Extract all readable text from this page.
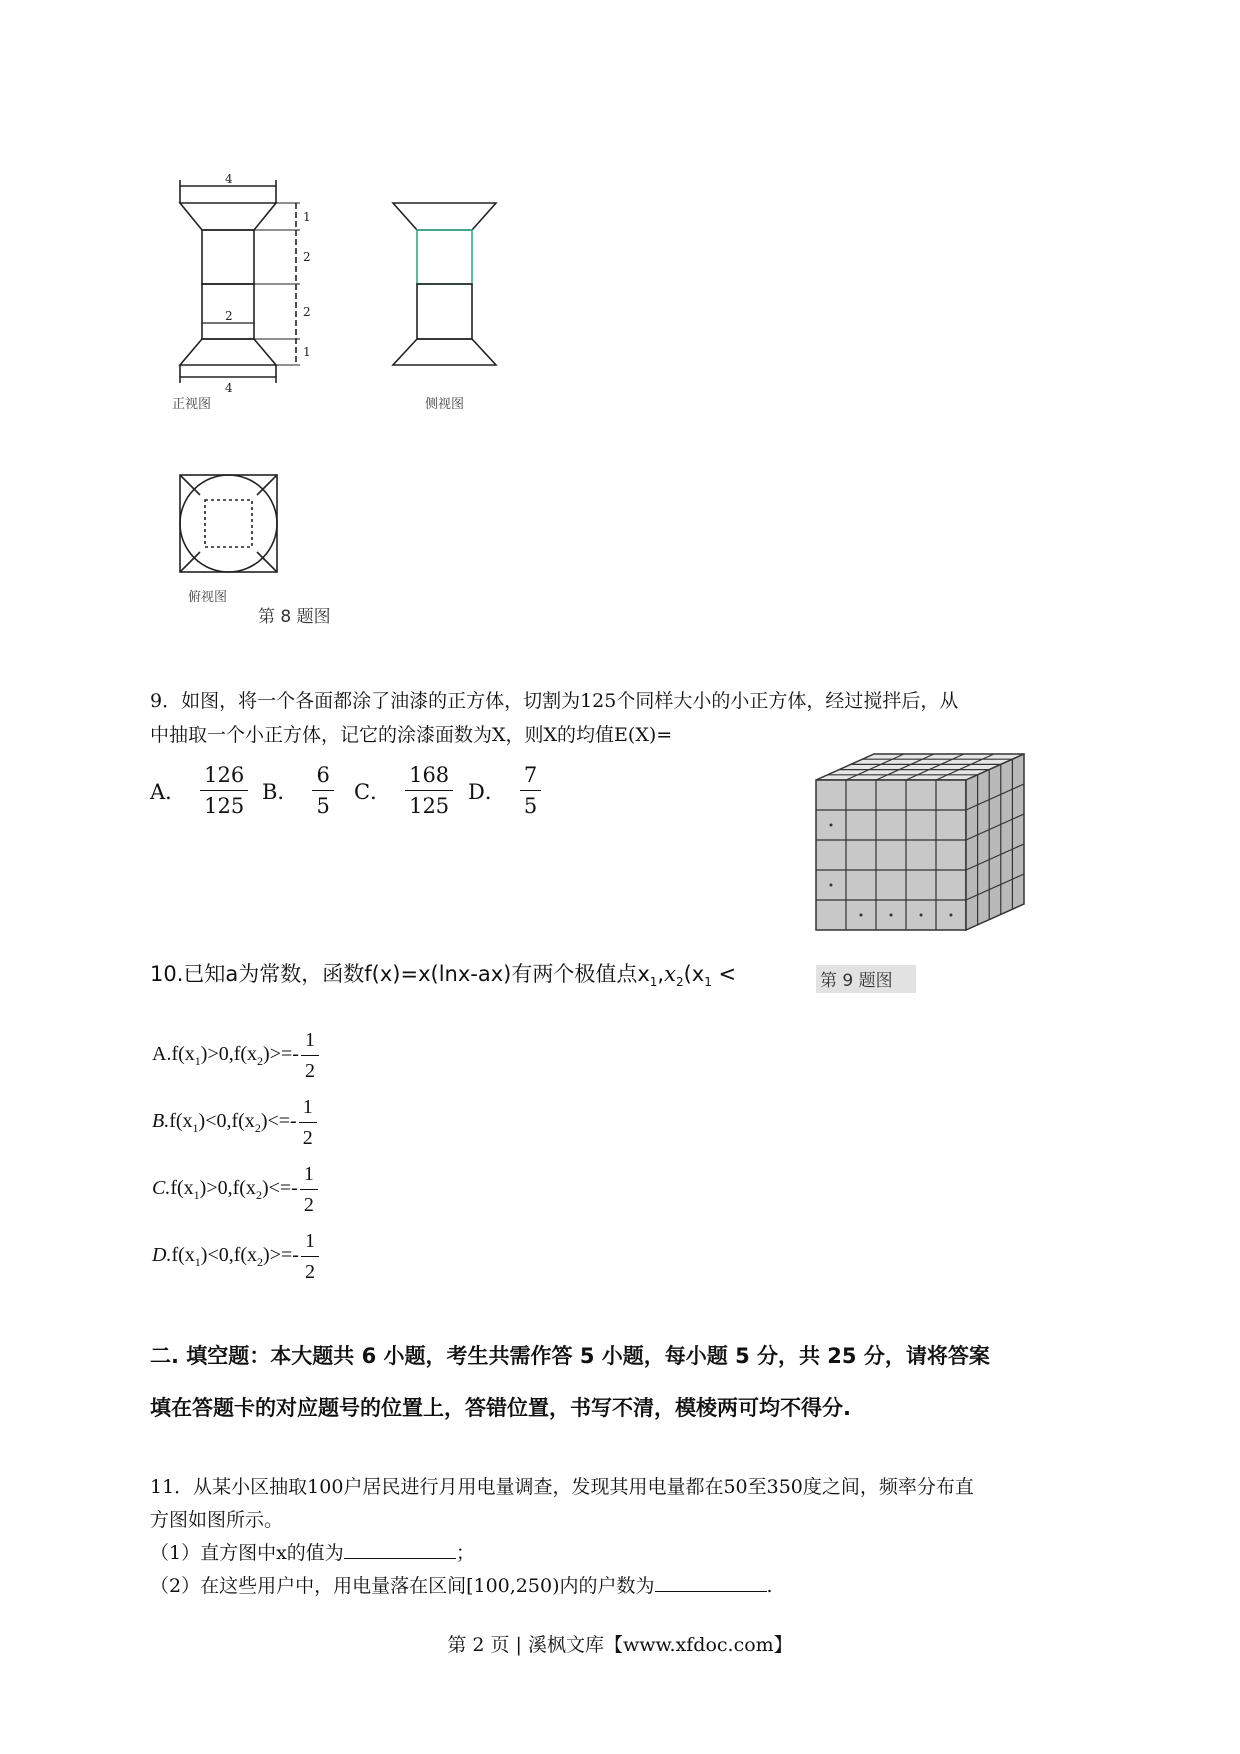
4
4
2
1
2
2
1
正视图	侧视图
俯视图
第 8 题图
9．如图，将一个各面都涂了油漆的正方体，切割为125个同样大小的小正方体，经过搅拌后，从
中抽取一个小正方体，记它的涂漆面数为X，则X的均值E(X)=
A． $\frac{126}{125}$ B． $\frac{6}{5}$ C． $\frac{168}{125}$ D． $\frac{7}{5}$
第 9 题图
10.已知a为常数，函数f(x)=x(lnx-ax)有两个极值点$x_1,x_2(x_1$ <
$A.f(x_1)>0,f(x_2)>=- \frac{1}{2}$
$B.f(x_1)<0,f(x_2)<=- \frac{1}{2}$
$C.f(x_1)>0,f(x_2)<=- \frac{1}{2}$
$D.f(x_1)<0,f(x_2)>=- \frac{1}{2}$
二. 填空题：本大题共 6 小题，考生共需作答 5 小题，每小题 5 分，共 25 分，请将答案
填在答题卡的对应题号的位置上，答错位置，书写不清，模棱两可均不得分.
11．从某小区抽取100户居民进行月用电量调查，发现其用电量都在50至350度之间，频率分布直
方图如图所示。
（1）直方图中x的值为	；
（2）在这些用户中，用电量落在区间[100,250)内的户数为	.
第 2 页 | 溪枫文库【www.xfdoc.com】
